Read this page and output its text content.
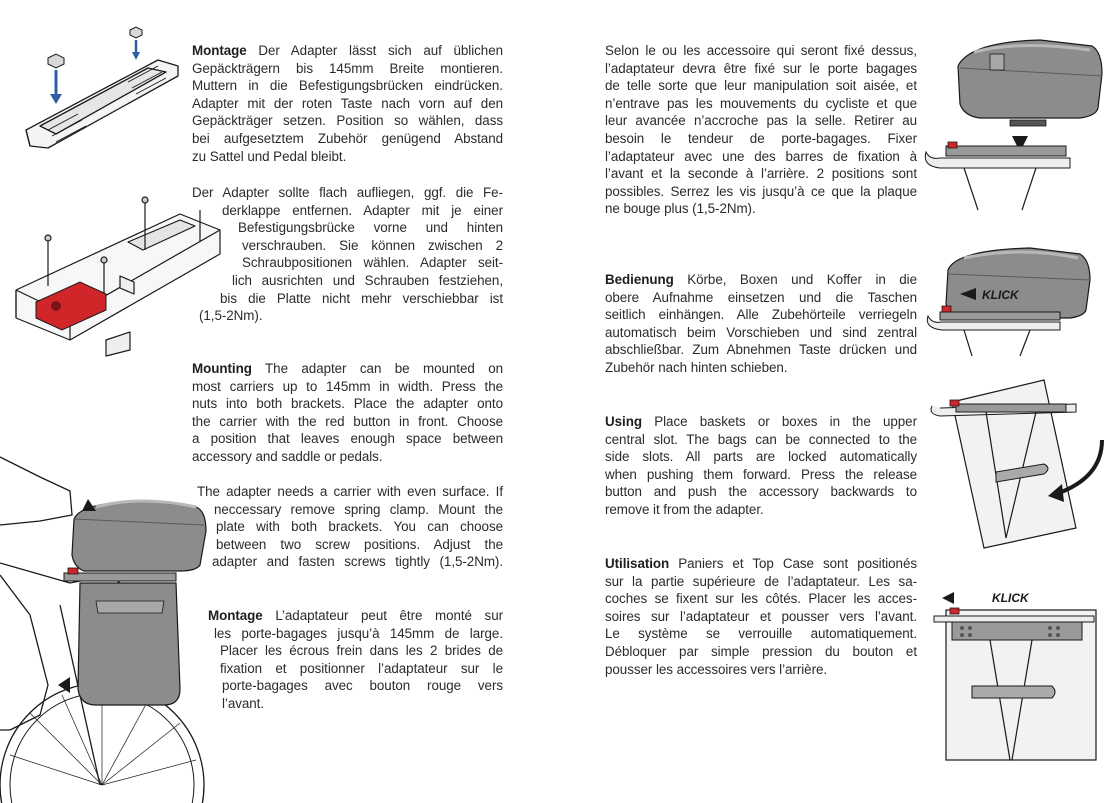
Montage Der Adapter lässt sich auf üblichen
Gepäckträgern bis 145mm Breite montieren.
Muttern in die Befestigungsbrücken eindrücken.
Adapter mit der roten Taste nach vorn auf den
Gepäckträger setzen. Position so wählen, dass
bei aufgesetztem Zubehör genügend Abstand
zu Sattel und Pedal bleibt.
Der Adapter sollte flach aufliegen, ggf. die Fe-
derklappe entfernen. Adapter mit je einer
Befestigungsbrücke vorne und hinten
verschrauben. Sie können zwischen 2
Schraubpositionen wählen. Adapter seit-
lich ausrichten und Schrauben festziehen,
bis die Platte nicht mehr verschiebbar ist
(1,5-2Nm).
Mounting The adapter can be mounted on
most carriers up to 145mm in width. Press the
nuts into both brackets. Place the adapter onto
the carrier with the red button in front. Choose
a position that leaves enough space between
accessory and saddle or pedals.
The adapter needs a carrier with even surface. If
neccessary remove spring clamp. Mount the
plate with both brackets. You can choose
between two screw positions. Adjust the
adapter and fasten screws tightly (1,5-2Nm).
Montage L’adaptateur peut être monté sur
les porte-bagages jusqu’à 145mm de large.
Placer les écrous frein dans les 2 brides de
fixation et positionner l’adaptateur sur le
porte-bagages avec bouton rouge vers
l’avant.
Selon le ou les accessoire qui seront fixé dessus,
l’adaptateur devra être fixé sur le porte bagages
de telle sorte que leur manipulation soit aisée, et
n’entrave pas les mouvements du cycliste et que
leur avancée n’accroche pas la selle. Retirer au
besoin le tendeur de porte-bagages. Fixer
l’adaptateur avec une des barres de fixation à
l’avant et la seconde à l’arrière. 2 positions sont
possibles. Serrez les vis jusqu’à ce que la plaque
ne bouge plus (1,5-2Nm).
Bedienung Körbe, Boxen und Koffer in die
obere Aufnahme einsetzen und die Taschen
seitlich einhängen. Alle Zubehörteile verriegeln
automatisch beim Vorschieben und sind zentral
abschließbar. Zum Abnehmen Taste drücken und
Zubehör nach hinten schieben.
Using Place baskets or boxes in the upper
central slot. The bags can be connected to the
side slots. All parts are locked automatically
when pushing them forward. Press the release
button and push the accessory backwards to
remove it from the adapter.
Utilisation Paniers et Top Case sont positionés
sur la partie supérieure de l’adaptateur. Les sa-
coches se fixent sur les côtés. Placer les acces-
soires sur l’adaptateur et pousser vers l’avant.
Le système se verrouille automatiquement.
Débloquer par simple pression du bouton et
pousser les accessoires vers l’arrière.
KLICK
KLICK
